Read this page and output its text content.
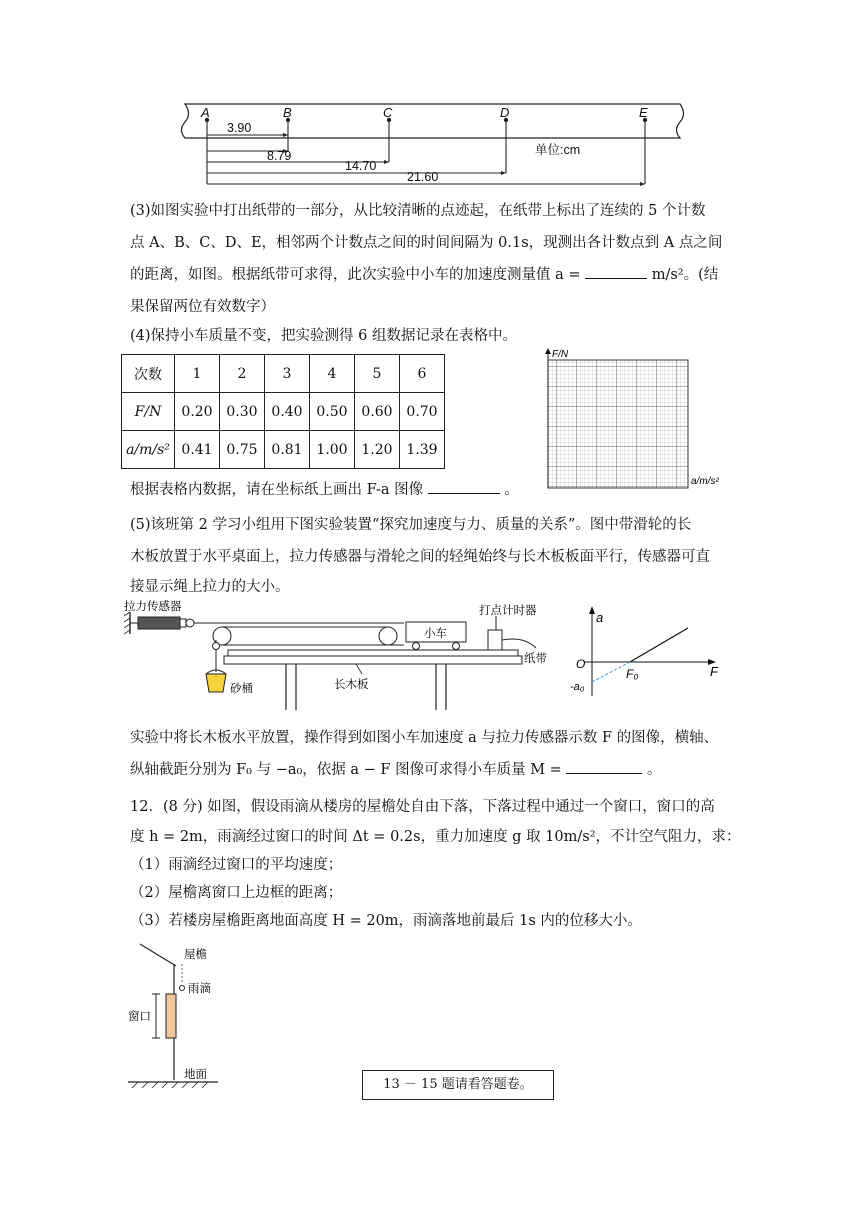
A	B	C	D	E
3.90
8.79
14.70
21.60
单位:cm
(3)如图实验中打出纸带的一部分，从比较清晰的点迹起，在纸带上标出了连续的 5 个计数
点 A、B、C、D、E，相邻两个计数点之间的时间间隔为 0.1s，现测出各计数点到 A 点之间
的距离，如图。根据纸带可求得，此次实验中小车的加速度测量值 a =	m/s²。(结
果保留两位有效数字）
(4)保持小车质量不变，把实验测得 6 组数据记录在表格中。
次数	1	2	3	4	5	6
F/N	0.20	0.30	0.40	0.50	0.60	0.70
a/m/s²	0.41	0.75	0.81	1.00	1.20	1.39
F/N
a/m/s²
根据表格内数据，请在坐标纸上画出 F-a 图像	。
(5)该班第 2 学习小组用下图实验装置“探究加速度与力、质量的关系”。图中带滑轮的长
木板放置于水平桌面上，拉力传感器与滑轮之间的轻绳始终与长木板板面平行，传感器可直
接显示绳上拉力的大小。
拉力传感器
砂桶
小车
打点计时器
纸带
长木板
a
F
O
F₀
-a₀
实验中将长木板水平放置，操作得到如图小车加速度 a 与拉力传感器示数 F 的图像，横轴、
纵轴截距分别为 F₀ 与 −a₀，依据 a − F 图像可求得小车质量 M =	。
12．(8 分) 如图，假设雨滴从楼房的屋檐处自由下落，下落过程中通过一个窗口，窗口的高
度 h = 2m，雨滴经过窗口的时间 Δt = 0.2s，重力加速度 g 取 10m/s²，不计空气阻力，求：
（1）雨滴经过窗口的平均速度；
（2）屋檐离窗口上边框的距离；
（3）若楼房屋檐距离地面高度 H = 20m，雨滴落地前最后 1s 内的位移大小。
屋檐
雨滴
窗口
地面
13 － 15 题请看答题卷。
